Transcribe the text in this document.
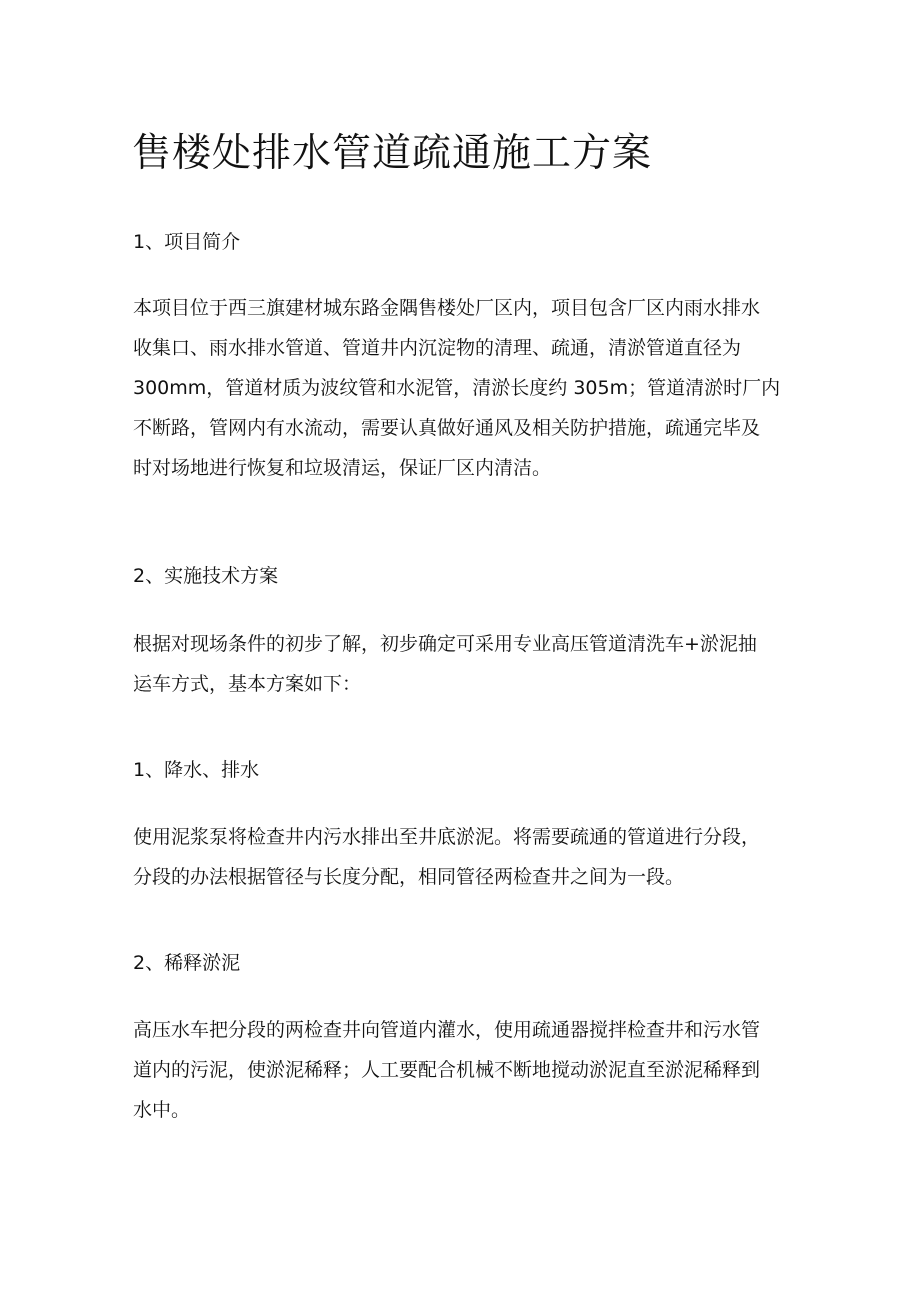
售楼处排水管道疏通施工方案
1、项目简介
本项目位于西三旗建材城东路金隅售楼处厂区内，项目包含厂区内雨水排水
收集口、雨水排水管道、管道井内沉淀物的清理、疏通，清淤管道直径为
300mm，管道材质为波纹管和水泥管，清淤长度约 305m；管道清淤时厂内
不断路，管网内有水流动，需要认真做好通风及相关防护措施，疏通完毕及
时对场地进行恢复和垃圾清运，保证厂区内清洁。
2、实施技术方案
根据对现场条件的初步了解，初步确定可采用专业高压管道清洗车+淤泥抽
运车方式，基本方案如下：
1、降水、排水
使用泥浆泵将检查井内污水排出至井底淤泥。将需要疏通的管道进行分段，
分段的办法根据管径与长度分配，相同管径两检查井之间为一段。
2、稀释淤泥
高压水车把分段的两检查井向管道内灌水，使用疏通器搅拌检查井和污水管
道内的污泥，使淤泥稀释；人工要配合机械不断地搅动淤泥直至淤泥稀释到
水中。
